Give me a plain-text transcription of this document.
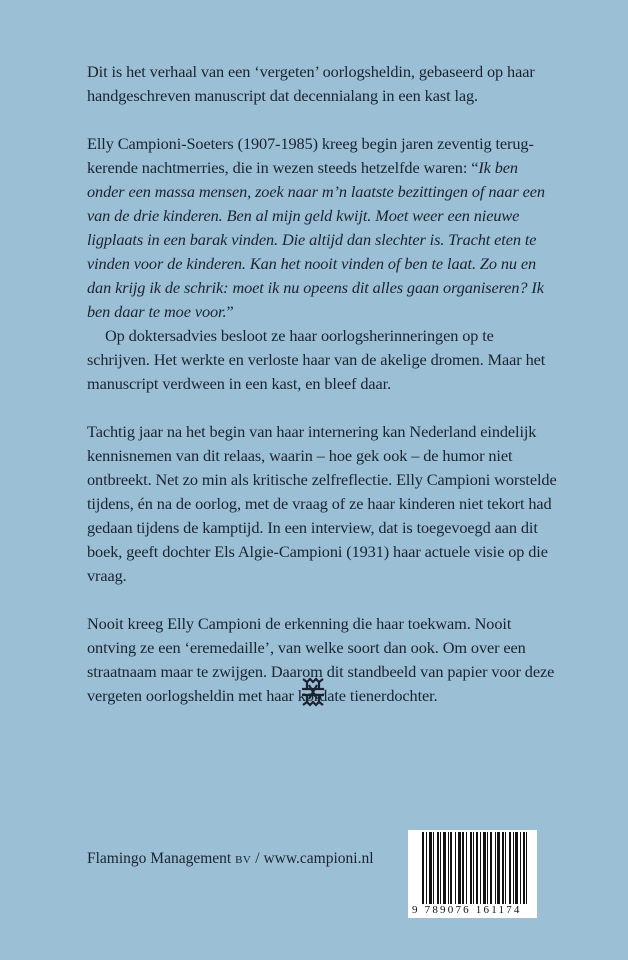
Dit is het verhaal van een ‘vergeten’ oorlogsheldin, gebaseerd op haar handgeschreven manuscript dat decennialang in een kast lag.

Elly Campioni-Soeters (1907-1985) kreeg begin jaren zeventig terugkerende nachtmerries, die in wezen steeds hetzelfde waren: “Ik ben onder een massa mensen, zoek naar m’n laatste bezittingen of naar een van de drie kinderen. Ben al mijn geld kwijt. Moet weer een nieuwe ligplaats in een barak vinden. Die altijd dan slechter is. Tracht eten te vinden voor de kinderen. Kan het nooit vinden of ben te laat. Zo nu en dan krijg ik de schrik: moet ik nu opeens dit alles gaan organiseren? Ik ben daar te moe voor.”

Op doktersadvies besloot ze haar oorlogsherinneringen op te schrijven. Het werkte en verloste haar van de akelige dromen. Maar het manuscript verdween in een kast, en bleef daar.

Tachtig jaar na het begin van haar internering kan Nederland eindelijk kennisnemen van dit relaas, waarin – hoe gek ook – de humor niet ontbreekt. Net zo min als kritische zelfreflectie. Elly Campioni worstelde tijdens, én na de oorlog, met de vraag of ze haar kinderen niet tekort had gedaan tijdens de kamptijd. In een interview, dat is toegevoegd aan dit boek, geeft dochter Els Algie-Campioni (1931) haar actuele visie op die vraag.

Nooit kreeg Elly Campioni de erkenning die haar toekwam. Nooit ontving ze een ‘eremedaille’, van welke soort dan ook. Om over een straatnaam maar te zwijgen. Daarom dit standbeeld van papier voor deze vergeten oorlogsheldin met haar kordate tienerdochter.

Flamingo Management BV / www.campioni.nl
9 789076 161174
